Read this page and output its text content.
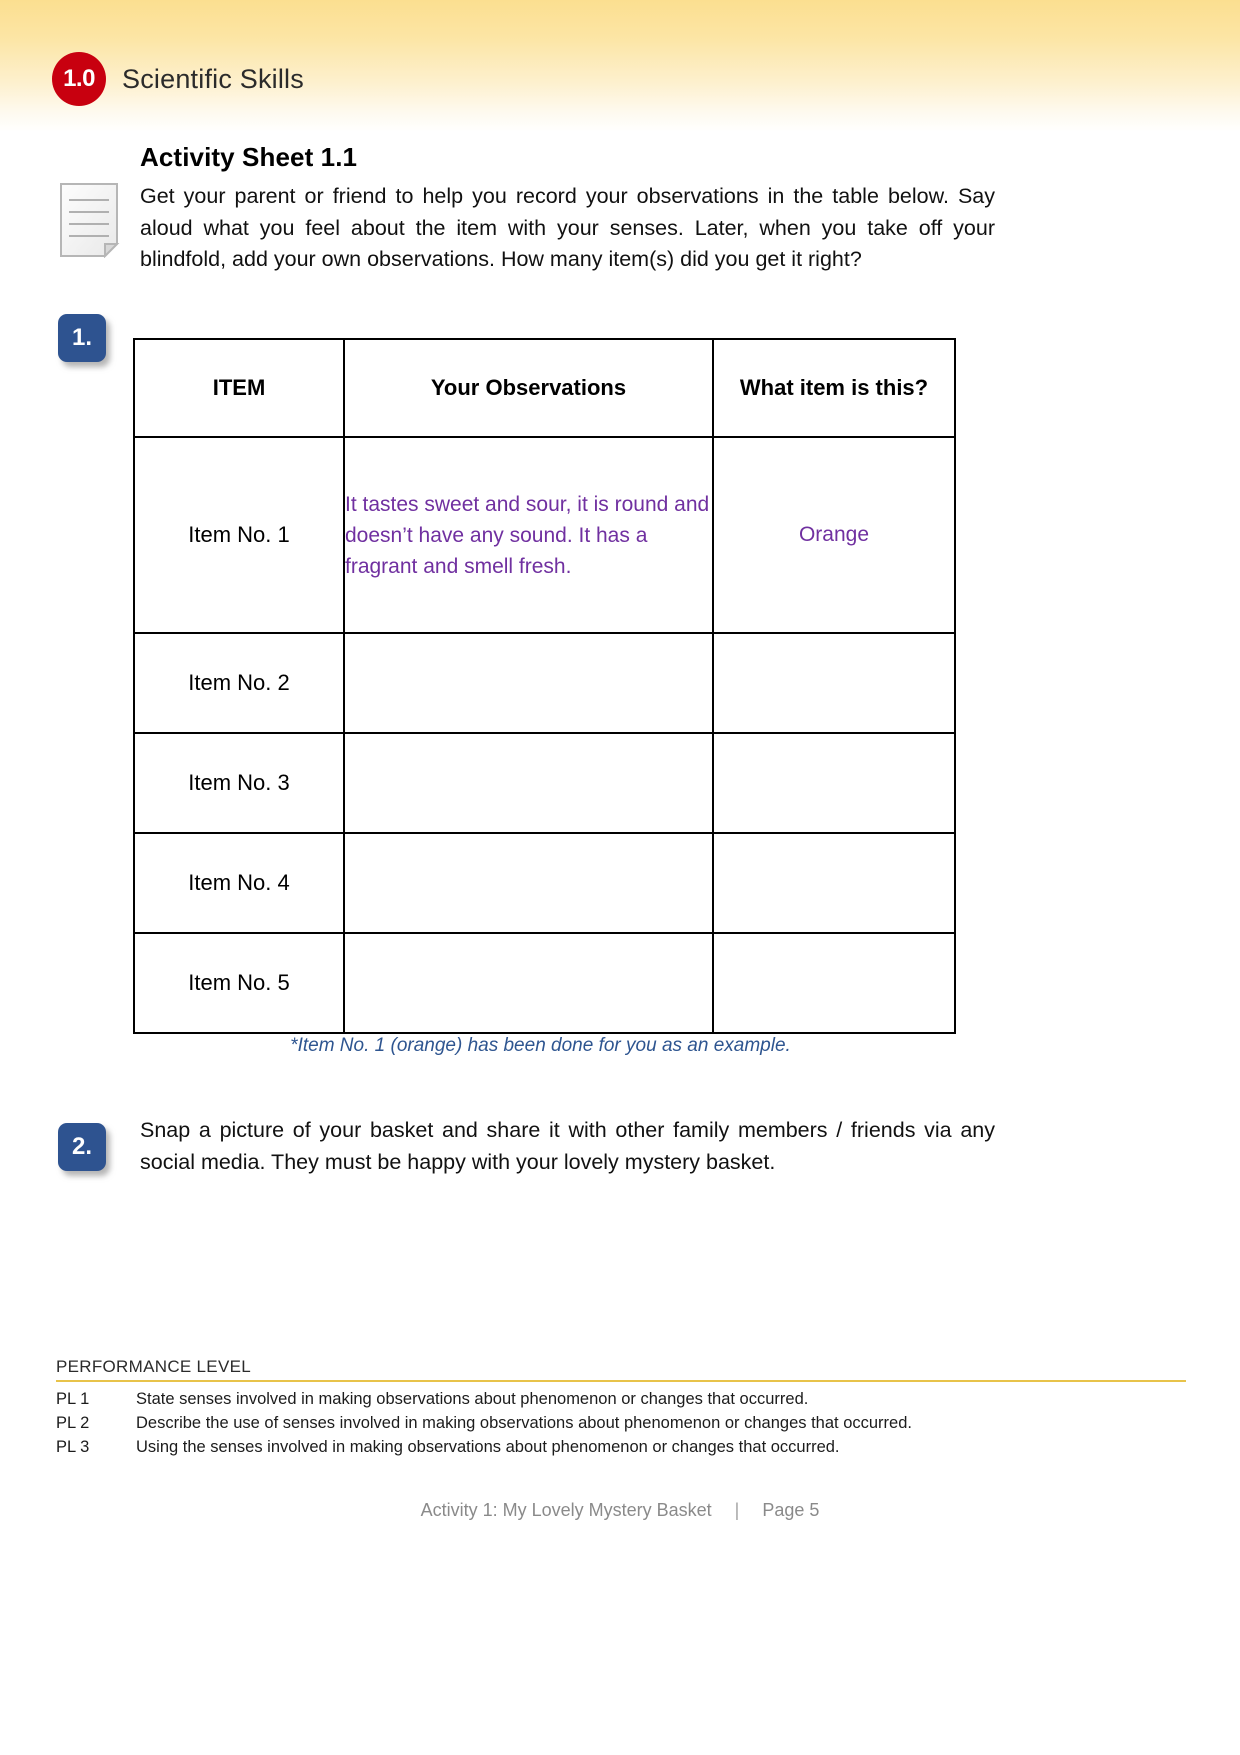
1.0	Scientific Skills
Activity Sheet 1.1

Get your parent or friend to help you record your observations in the table below. Say aloud what you feel about the item with your senses. Later, when you take off your blindfold, add your own observations. How many item(s) did you get it right?

1.
ITEM	Your Observations	What item is this?
Item No. 1	It tastes sweet and sour, it is round and doesn’t have any sound. It has a fragrant and smell fresh.	Orange
Item No. 2		
Item No. 3		
Item No. 4		
Item No. 5		
*Item No. 1 (orange) has been done for you as an example.
2.
Snap a picture of your basket and share it with other family members / friends via any social media. They must be happy with your lovely mystery basket.
PERFORMANCE LEVEL
PL 1	State senses involved in making observations about phenomenon or changes that occurred.
PL 2	Describe the use of senses involved in making observations about phenomenon or changes that occurred.
PL 3	Using the senses involved in making observations about phenomenon or changes that occurred.
Activity 1: My Lovely Mystery Basket | Page 5
